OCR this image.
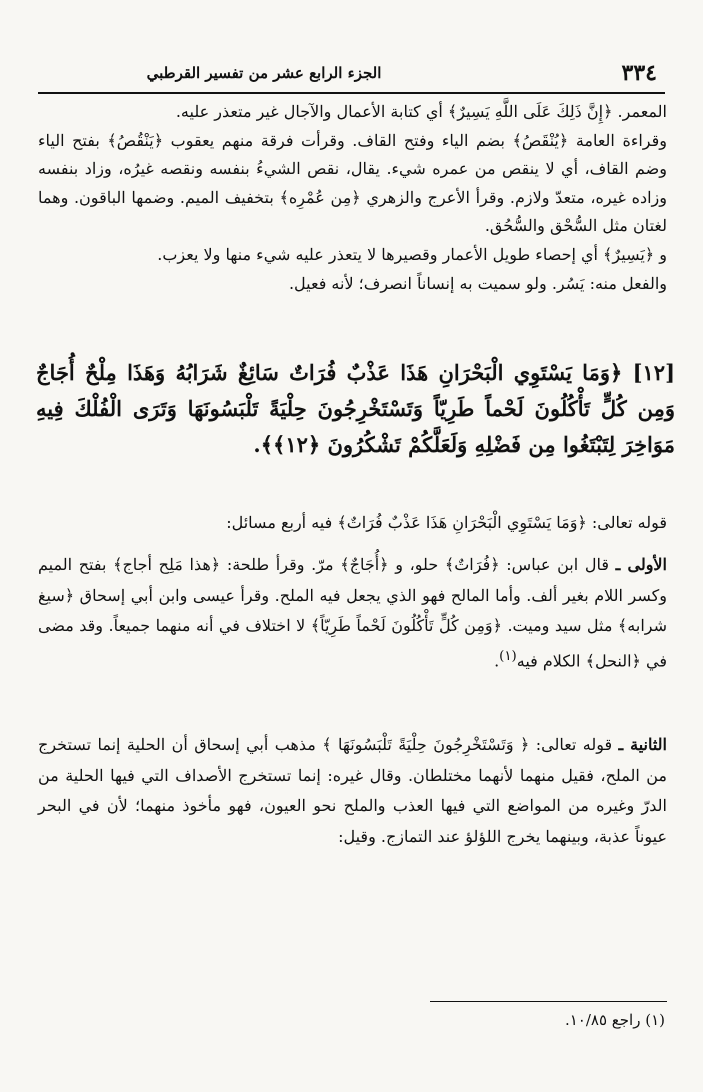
الجزء الرابع عشر من تفسير القرطبي	٣٣٤

المعمر. ﴿إِنَّ ذَلِكَ عَلَى اللَّهِ يَسِيرٌ﴾ أي كتابة الأعمال والآجال غير متعذر عليه.

وقراءة العامة ﴿يُنْقَصُ﴾ بضم الياء وفتح القاف. وقرأت فرقة منهم يعقوب ﴿يَنْقُصُ﴾ بفتح الياء وضم القاف، أي لا ينقص من عمره شيء. يقال، نقص الشيءُ بنفسه ونقصه غيرُه، وزاد بنفسه وزاده غيره، متعدّ ولازم. وقرأ الأعرج والزهري ﴿مِن عُمْرِه﴾ بتخفيف الميم. وضمها الباقون. وهما لغتان مثل السُّحْق والسُّحُق.

و ﴿يَسِيرٌ﴾ أي إحصاء طويل الأعمار وقصيرها لا يتعذر عليه شيء منها ولا يعزب.

والفعل منه: يَسُر. ولو سميت به إنساناً انصرف؛ لأنه فعيل.

[١٢] ﴿وَمَا يَسْتَوِي الْبَحْرَانِ هَذَا عَذْبٌ فُرَاتٌ سَائِغٌ شَرَابُهُ وَهَذَا مِلْحٌ أُجَاجٌ وَمِن كُلٍّ تَأْكُلُونَ لَحْماً طَرِيّاً وَتَسْتَخْرِجُونَ حِلْيَةً تَلْبَسُونَهَا وَتَرَى الْفُلْكَ فِيهِ مَوَاخِرَ لِتَبْتَغُوا مِن فَضْلِهِ وَلَعَلَّكُمْ تَشْكُرُونَ ﴿١٢﴾﴾.

قوله تعالى: ﴿وَمَا يَسْتَوِي الْبَحْرَانِ هَذَا عَذْبٌ فُرَاتٌ﴾ فيه أربع مسائل:

الأولى ـ قال ابن عباس: ﴿فُرَاتٌ﴾ حلو، و ﴿أُجَاجٌ﴾ مرّ. وقرأ طلحة: ﴿هذا مَلِح أجاج﴾ بفتح الميم وكسر اللام بغير ألف. وأما المالح فهو الذي يجعل فيه الملح. وقرأ عيسى وابن أبي إسحاق ﴿سيغ شرابه﴾ مثل سيد وميت. ﴿وَمِن كُلٍّ تَأْكُلُونَ لَحْماً طَرِيّاً﴾ لا اختلاف في أنه منهما جميعاً. وقد مضى في ﴿النحل﴾ الكلام فيه$^{(١)}$.

الثانية ـ قوله تعالى: ﴿ وَتَسْتَخْرِجُونَ حِلْيَةً تَلْبَسُونَهَا ﴾ مذهب أبي إسحاق أن الحلية إنما تستخرج من الملح، فقيل منهما لأنهما مختلطان. وقال غيره: إنما تستخرج الأصداف التي فيها الحلية من الدرّ وغيره من المواضع التي فيها العذب والملح نحو العيون، فهو مأخوذ منهما؛ لأن في البحر عيوناً عذبة، وبينهما يخرج اللؤلؤ عند التمازج. وقيل:

(١) راجع ١٠/٨٥.
